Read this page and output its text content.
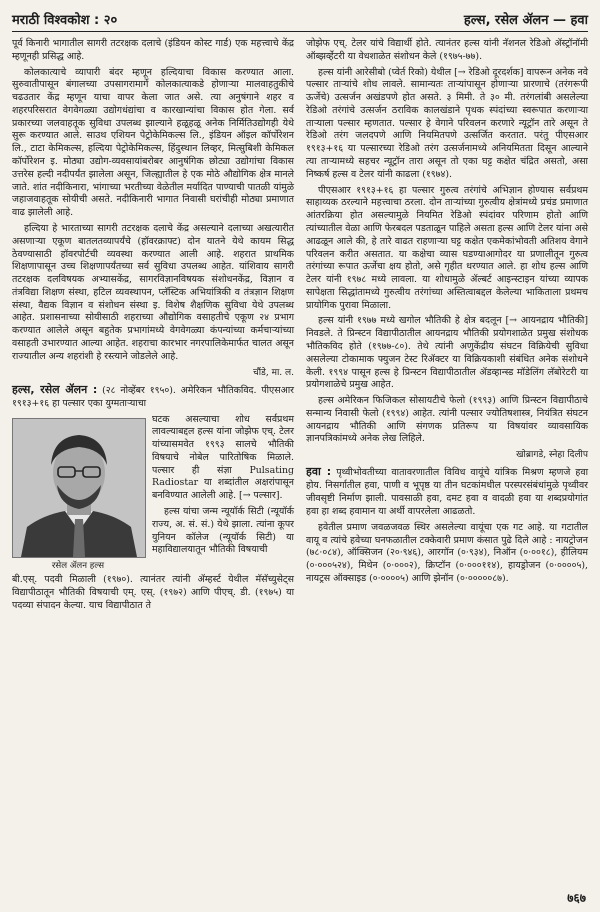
मराठी विश्वकोश : २०	हल्स, रसेल ॲलन — हवा

पूर्व किनारी भागातील सागरी तटरक्षक दलाचे (इंडियन कोस्ट गार्ड) एक महत्त्वाचे केंद्र म्हणूनही प्रसिद्ध आहे.

कोलकात्याचे व्यापारी बंदर म्हणून हल्दियाचा विकास करण्यात आला. सुरुवातीपासून बंगालच्या उपसागरामार्गे कोलकात्याकडे होणाऱ्या मालवाहतुकीचे चढउतार केंद्र म्हणून याचा वापर केला जात असे. त्या अनुषंगाने शहर व शहरपरिसरात वेगवेगळ्या उद्योगधंद्यांचा व कारखान्यांचा विकास होत गेला. सर्व प्रकारच्या जलवाहतूक सुविधा उपलब्ध झाल्याने हळूहळू अनेक निर्मितिउद्योगही येथे सुरू करण्यात आले. साउथ एशियन पेट्रोकेमिकल्स लि., इंडियन ऑइल कॉर्पोरेशन लि., टाटा केमिकल्स, हल्दिया पेट्रोकेमिकल्स, हिंदुस्थान लिव्हर, मित्सुबिशी केमिकल कॉर्पोरेशन इ. मोठ्या उद्योग-व्यवसायांबरोबर आनुषंगिक छोट्या उद्योगांचा विकास उत्तरेस हल्दी नदीपर्यंत झालेला असून, जिल्ह्यातील हे एक मोठे औद्योगिक क्षेत्र मानले जाते. शांत नदीकिनारा, भांगाच्या भरतीच्या वेळेतील मर्यादित पाण्याची पातळी यांमुळे जहाजवाहतूक सोयीची असते. नदीकिनारी भागात निवासी घरांचीही मोठ्या प्रमाणात वाढ झालेली आहे.

हल्दिया हे भारताच्या सागरी तटरक्षक दलाचे केंद्र असल्याने दलाच्या अखत्यारीत असणाऱ्या एकूण बातलतव्यापर्यंचे (हॉवरक्राफ्ट) दोन यातने येथे कायम सिद्ध ठेवण्यासाठी हॉवरपोर्टची व्यवस्था करण्यात आली आहे. शहरात प्राथमिक शिक्षणापासून उच्च शिक्षणापर्यंतच्या सर्व सुविधा उपलब्ध आहेत. यांशिवाय सागरी तटरक्षक दलविषयक अभ्यासकेंद्र, सागरविज्ञानविषयक संशोधनकेंद्र, विज्ञान व तंत्रविद्या शिक्षण संस्था, हटिल व्यवस्थापन, प्लॅस्टिक अभियांत्रिकी व तंत्रज्ञान शिक्षण संस्था, वैद्यक विज्ञान व संशोधन संस्था इ. विशेष शैक्षणिक सुविधा येथे उपलब्ध आहेत. प्रशासनाच्या सोयीसाठी शहराच्या औद्योगिक वसाहतीचे एकूण २४ प्रभाग करण्यात आलेले असून बहुतेक प्रभागांमध्ये वेगवेगळ्या कंपन्यांच्या कर्मचाऱ्यांच्या वसाहती उभारण्यात आल्या आहेत. शहराचा कारभार नगरपालिकेमार्फत चालत असून राज्यातील अन्य शहरांशी हे रस्त्याने जोडलेले आहे.

चौंडे, मा. ल.

हल्स, रसेल ॲलन : (२८ नोव्हेंबर १९५०). अमेरिकन भौतिकविद. पीएसआर १९१३+१६ हा पल्सार एका युग्मताऱ्याचा

रसेल ॲलन हल्स

घटक असल्याचा शोध सर्वप्रथम लावल्याबद्दल हल्स यांना जोझेफ एच्. टेलर यांच्यासमवेत १९९३ सालचे भौतिकी विषयाचे नोबेल पारितोषिक मिळाले. पल्सार ही संज्ञा Pulsating Radiostar या शब्दांतील अक्षरांपासून बनविण्यात आलेली आहे. [→ पल्सार].

हल्स यांचा जन्म न्यूयॉर्क सिटी (न्यूयॉर्क राज्य, अ. सं. सं.) येथे झाला. त्यांना कूपर युनियन कॉलेज (न्यूयॉर्क सिटी) या महाविद्यालयातून भौतिकी विषयाची

बी.एस्. पदवी मिळाली (१९७०). त्यानंतर त्यांनी ॲम्हर्स्ट येथील मॅसॅच्युसेट्स विद्यापीठातून भौतिकी विषयाची एम्. एस्. (१९७२) आणि पीएच्. डी. (१९७५) या पदव्या संपादन केल्या. याच विद्यापीठात ते

जोझेफ एच्. टेलर यांचे विद्यार्थी होते. त्यानंतर हल्स यांनी नॅशनल रेडिओ ॲस्ट्रॉनॉमी ऑब्झर्व्हेटरी या वेधशाळेत संशोधन केले (१९७५-७७).

हल्स यांनी आरेसीबो (प्वेर्त रिको) येथील [→ रेडिओ दूरदर्शक] वापरून अनेक नवे पल्सार ताऱ्यांचे शोध लावले. सामान्यतः ताऱ्यांपासून होणाऱ्या प्रारणाचे (तरंगरूपी ऊर्जेचे) उत्सर्जन अखंडपणे होत असते. ३ मिमी. ते ३० मी. तरंगलांबी असलेल्या रेडिओ तरंगांचे उत्सर्जन ठराविक कालखंडाने पृथक स्पंदांच्या स्वरूपात करणाऱ्या ताऱ्याला पल्सार म्हणतात. पल्सार हे वेगाने परिवलन करणारे न्यूट्रॉन तारे असून ते रेडिओ तरंग जलदपणे आणि नियमितपणे उत्सर्जित करतात. परंतु पीएसआर १९१३+१६ या पल्सारच्या रेडिओ तरंग उत्सर्जनामध्ये अनियमितता दिसून आल्याने त्या ताऱ्यामध्ये सहचर न्यूट्रॉन तारा असून तो एका घट्ट कक्षेत चंद्रित असतो, असा निष्कर्ष हल्स व टेलर यांनी काढला (१९७४).

पीएसआर १९१३+१६ हा पल्सार गुरुत्व तरंगांचे अभिज्ञान होण्यास सर्वप्रथम साहाय्यक ठरल्याने महत्त्वाचा ठरला. दोन ताऱ्यांच्या गुरुत्वीय क्षेत्रांमध्ये प्रचंड प्रमाणात आंतरक्रिया होत असल्यामुळे नियमित रेडिओ स्पंदांवर परिणाम होतो आणि त्यांच्यातील वेळा आणि फेरबदल पडताळून पाहिले असता हल्स आणि टेलर यांना असे आढळून आले की, हे तारे वाढत राहणाऱ्या घट्ट कक्षेत एकमेकांभोवती अतिशय वेगाने परिवलन करीत असतात. या कक्षेचा व्यास घडण्याआगोदर या प्रणालीतून गुरुत्व तरंगांच्या रूपात ऊर्जेचा क्षय होतो, असे गृहीत धरण्यात आले. हा शोध हल्स आणि टेलर यांनी १९७८ मध्ये लावला. या शोधामुळे ॲल्बर्ट आइन्स्टाइन यांच्या व्यापक सापेक्षता सिद्धांतामध्ये गुरुत्वीय तरंगांच्या अस्तित्वाबद्दल केलेल्या भाकिताला प्रथमच प्रायोगिक पुरावा मिळाला.

हल्स यांनी १९७७ मध्ये खगोल भौतिकी हे क्षेत्र बदलून [→ आयनद्राय भौतिकी] निवडले. ते प्रिन्स्टन विद्यापीठातील आयनद्राय भौतिकी प्रयोगशाळेत प्रमुख संशोधक भौतिकविद होते (१९७७-८०). तेथे त्यांनी अणुकेंद्रीय संघटन विक्रियेची सुविधा असलेल्या टोकामाक फ्युजन टेस्ट रिॲक्टर या विक्रियकाशी संबंधित अनेक संशोधने केली. १९९४ पासून हल्स हे प्रिन्स्टन विद्यापीठातील ॲडव्हान्स्ड मॉडेलिंग लॅबोरेटरी या प्रयोगशाळेचे प्रमुख आहेत.

हल्स अमेरिकन फिजिकल सोसायटीचे फेलो (१९९३) आणि प्रिन्स्टन विद्यापीठाचे सन्मान्य निवासी फेलो (१९९४) आहेत. त्यांनी पल्सार ज्योतिषशास्त्र, नियंत्रित संघटन आयनद्राय भौतिकी आणि संगणक प्रतिरूप या विषयांवर व्यावसायिक ज्ञानपत्रिकांमध्ये अनेक लेख लिहिले.

खोब्रागडे, स्नेहा दिलीप

हवा : पृथ्वीभोवतीच्या वातावरणातील विविध वायूंचे यांत्रिक मिश्रण म्हणजे हवा होय. निसर्गातील हवा, पाणी व भूपृष्ठ या तीन घटकांमधील परस्परसंबंधांमुळे पृथ्वीवर जीवसृष्टी निर्माण झाली. पावसाळी हवा, दमट हवा व वादळी हवा या शब्दप्रयोगांत हवा हा शब्द हवामान या अर्थी वापरलेला आढळतो.

हवेतील प्रमाण जवळजवळ स्थिर असलेल्या वायूंचा एक गट आहे. या गटातील वायू व त्यांचे हवेच्या घनफळातील टक्केवारी प्रमाण कंसात पुढे दिले आहे : नायट्रोजन (७८·०८४), ऑक्सिजन (२०·९४६), आरगॉन (०·९३४), निऑन (०·००१८), हीलियम (०·०००५२४), मिथेन (०·०००२), क्रिप्टॉन (०·०००११४), हायड्रोजन (०·००००५), नायट्रस ऑक्साइड (०·००००५) आणि झेनॉन (०·०००००८७).

७६७
